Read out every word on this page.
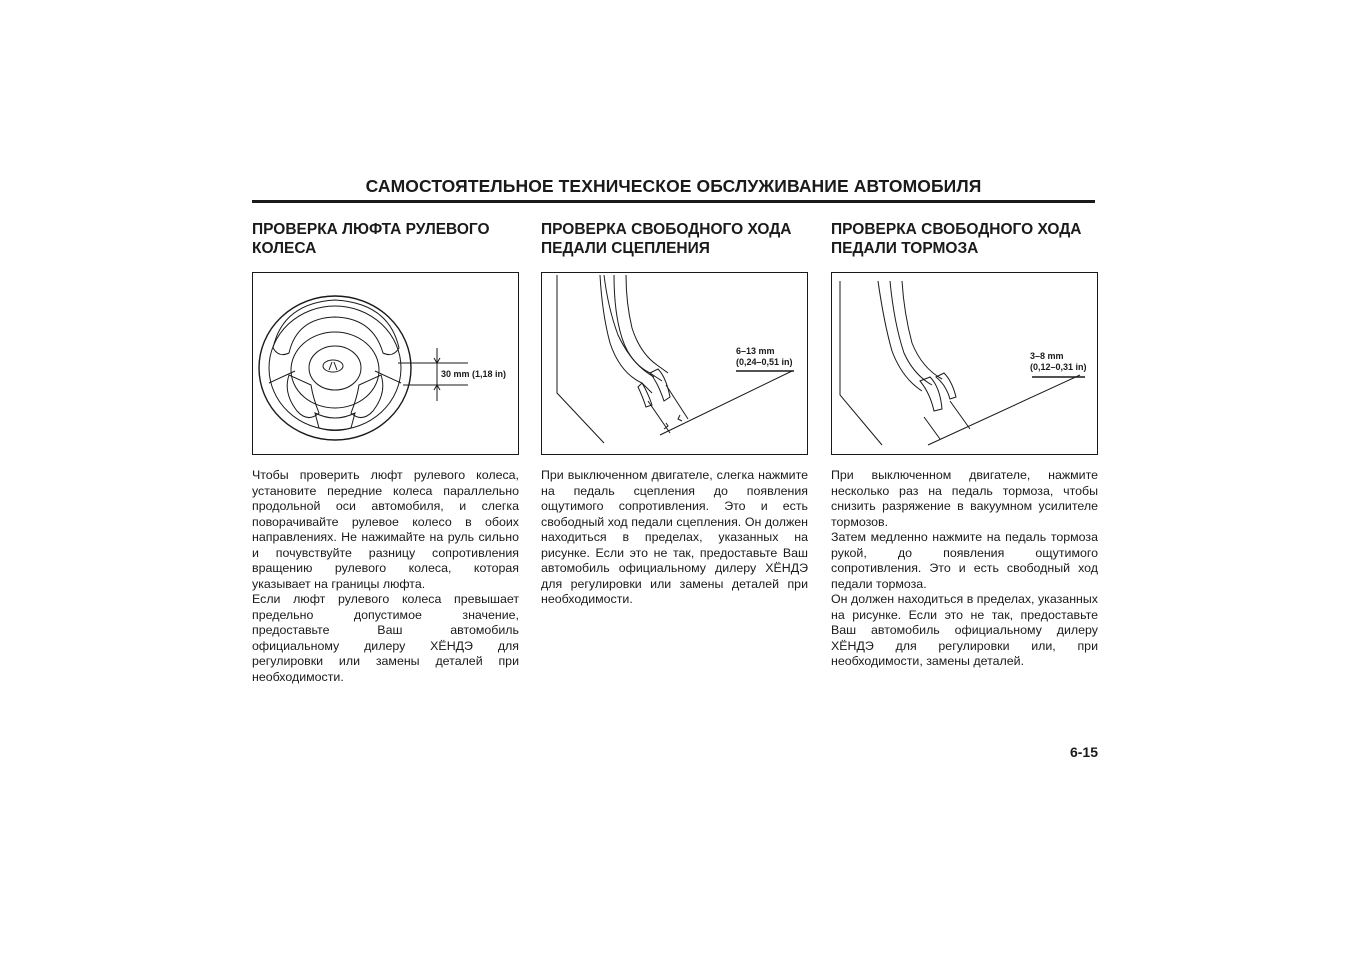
САМОСТОЯТЕЛЬНОЕ ТЕХНИЧЕСКОЕ ОБСЛУЖИВАНИЕ АВТОМОБИЛЯ
ПРОВЕРКА ЛЮФТА РУЛЕВОГО КОЛЕСА
30 mm (1,18 in)

Чтобы проверить люфт рулевого колеса, установите передние колеса параллельно продольной оси автомобиля, и слегка поворачивайте рулевое колесо в обоих направлениях. Не нажимайте на руль сильно и почувствуйте разницу сопротивления вращению рулевого колеса, которая указывает на границы люфта.

Если люфт рулевого колеса превышает предельно допустимое значение, предоставьте Ваш автомобиль официальному дилеру ХЁНДЭ для регулировки или замены деталей при необходимости.

ПРОВЕРКА СВОБОДНОГО ХОДА ПЕДАЛИ СЦЕПЛЕНИЯ
6–13 mm
(0,24–0,51 in)

При выключенном двигателе, слегка нажмите на педаль сцепления до появления ощутимого сопротивления. Это и есть свободный ход педали сцепления. Он должен находиться в пределах, указанных на рисунке. Если это не так, предоставьте Ваш автомобиль официальному дилеру ХЁНДЭ для регулировки или замены деталей при необходимости.

ПРОВЕРКА СВОБОДНОГО ХОДА ПЕДАЛИ ТОРМОЗА
3–8 mm
(0,12–0,31 in)

При выключенном двигателе, нажмите несколько раз на педаль тормоза, чтобы снизить разряжение в вакуумном усилителе тормозов.

Затем медленно нажмите на педаль тормоза рукой, до появления ощутимого сопротивления. Это и есть свободный ход педали тормоза.

Он должен находиться в пределах, указанных на рисунке. Если это не так, предоставьте Ваш автомобиль официальному дилеру ХЁНДЭ для регулировки или, при необходимости, замены деталей.

6-15
